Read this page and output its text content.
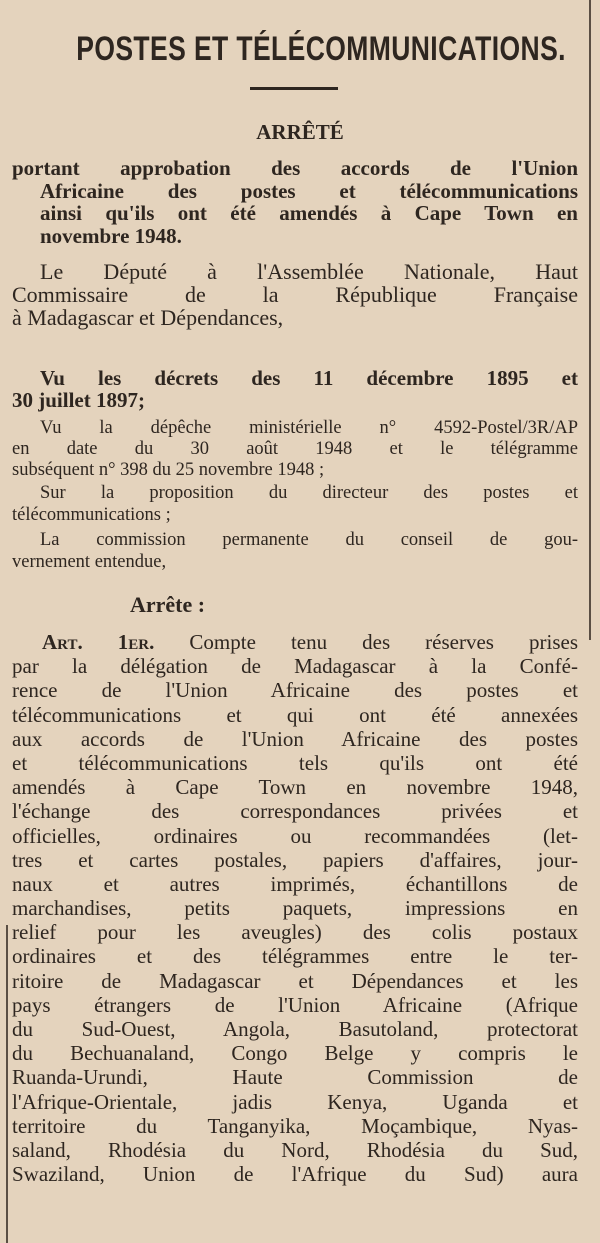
POSTES ET TÉLÉCOMMUNICATIONS.
ARRÊTÉ
portant approbation des accords de l'Union
Africaine des postes et télécommunications
ainsi qu'ils ont été amendés à Cape Town en
novembre 1948.
Le Député à l'Assemblée Nationale, Haut
Commissaire de la République Française
à Madagascar et Dépendances,
Vu les décrets des 11 décembre 1895 et
30 juillet 1897;
Vu la dépêche ministérielle n° 4592-Postel/3R/AP
en date du 30 août 1948 et le télégramme
subséquent n° 398 du 25 novembre 1948 ;
Sur la proposition du directeur des postes et
télécommunications ;
La commission permanente du conseil de gou-
vernement entendue,
Arrête :
Art. 1er. Compte tenu des réserves prises
par la délégation de Madagascar à la Confé-
rence de l'Union Africaine des postes et
télécommunications et qui ont été annexées
aux accords de l'Union Africaine des postes
et télécommunications tels qu'ils ont été
amendés à Cape Town en novembre 1948,
l'échange des correspondances privées et
officielles, ordinaires ou recommandées (let-
tres et cartes postales, papiers d'affaires, jour-
naux et autres imprimés, échantillons de
marchandises, petits paquets, impressions en
relief pour les aveugles) des colis postaux
ordinaires et des télégrammes entre le ter-
ritoire de Madagascar et Dépendances et les
pays étrangers de l'Union Africaine (Afrique
du Sud-Ouest, Angola, Basutoland, protectorat
du Bechuanaland, Congo Belge y compris le
Ruanda-Urundi, Haute Commission de
l'Afrique-Orientale, jadis Kenya, Uganda et
territoire du Tanganyika, Moçambique, Nyas-
saland, Rhodésia du Nord, Rhodésia du Sud,
Swaziland, Union de l'Afrique du Sud) aura
